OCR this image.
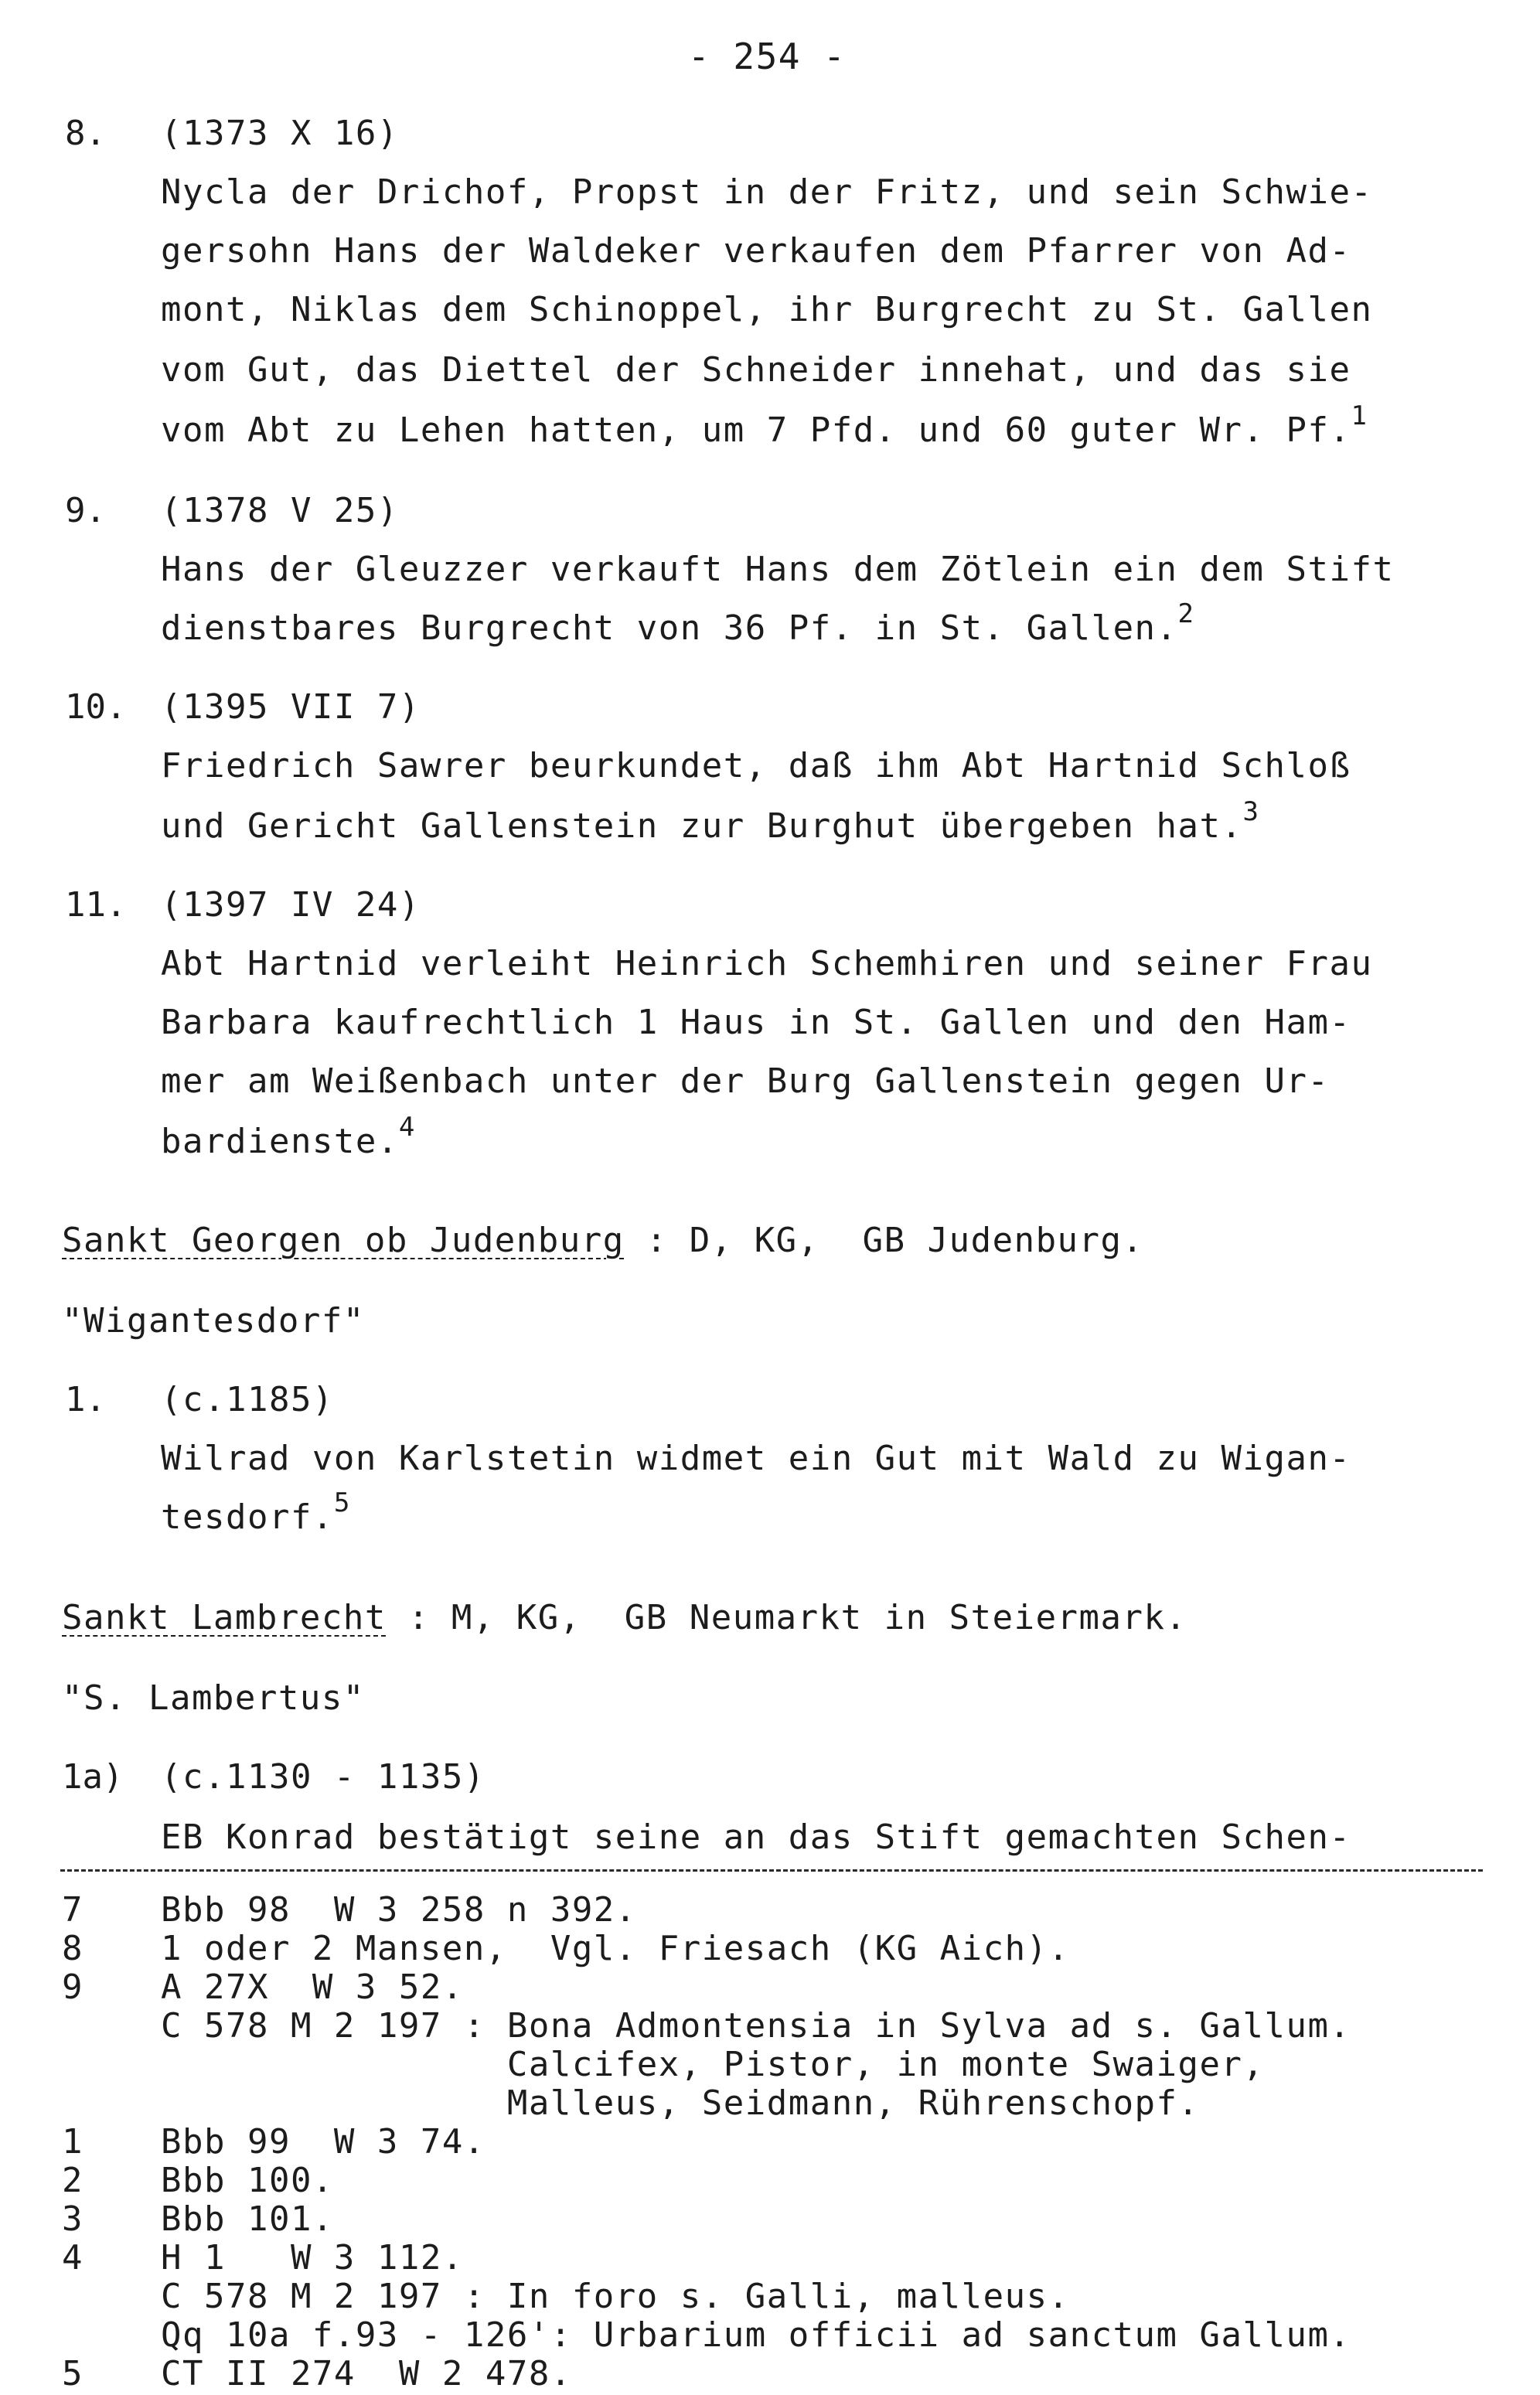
- 254 -
8. (1373 X 16)
Nycla der Drichof, Propst in der Fritz, und sein Schwie-
gersohn Hans der Waldeker verkaufen dem Pfarrer von Ad-
mont, Niklas dem Schinoppel, ihr Burgrecht zu St. Gallen
vom Gut, das Diettel der Schneider innehat, und das sie
vom Abt zu Lehen hatten, um 7 Pfd. und 60 guter Wr. Pf.$^1$
9. (1378 V 25)
Hans der Gleuzzer verkauft Hans dem Zötlein ein dem Stift
dienstbares Burgrecht von 36 Pf. in St. Gallen.$^2$
10. (1395 VII 7)
Friedrich Sawrer beurkundet, daß ihm Abt Hartnid Schloß
und Gericht Gallenstein zur Burghut übergeben hat.$^3$
11. (1397 IV 24)
Abt Hartnid verleiht Heinrich Schemhiren und seiner Frau
Barbara kaufrechtlich 1 Haus in St. Gallen und den Ham-
mer am Weißenbach unter der Burg Gallenstein gegen Ur-
bardienste.$^4$
Sankt Georgen ob Judenburg : D, KG,  GB Judenburg.
"Wigantesdorf"
1. (c.1185)
Wilrad von Karlstetin widmet ein Gut mit Wald zu Wigan-
tesdorf.$^5$
Sankt Lambrecht : M, KG,  GB Neumarkt in Steiermark.
"S. Lambertus"
1a) (c.1130 - 1135)
EB Konrad bestätigt seine an das Stift gemachten Schen-
7 Bbb 98  W 3 258 n 392.
8 1 oder 2 Mansen,  Vgl. Friesach (KG Aich).
9 A 27X  W 3 52.
C 578 M 2 197 : Bona Admontensia in Sylva ad s. Gallum.
Calcifex, Pistor, in monte Swaiger,
Malleus, Seidmann, Rührenschopf.
1 Bbb 99  W 3 74.
2 Bbb 100.
3 Bbb 101.
4 H 1   W 3 112.
C 578 M 2 197 : In foro s. Galli, malleus.
Qq 10a f.93 - 126': Urbarium officii ad sanctum Gallum.
5 CT II 274  W 2 478.
